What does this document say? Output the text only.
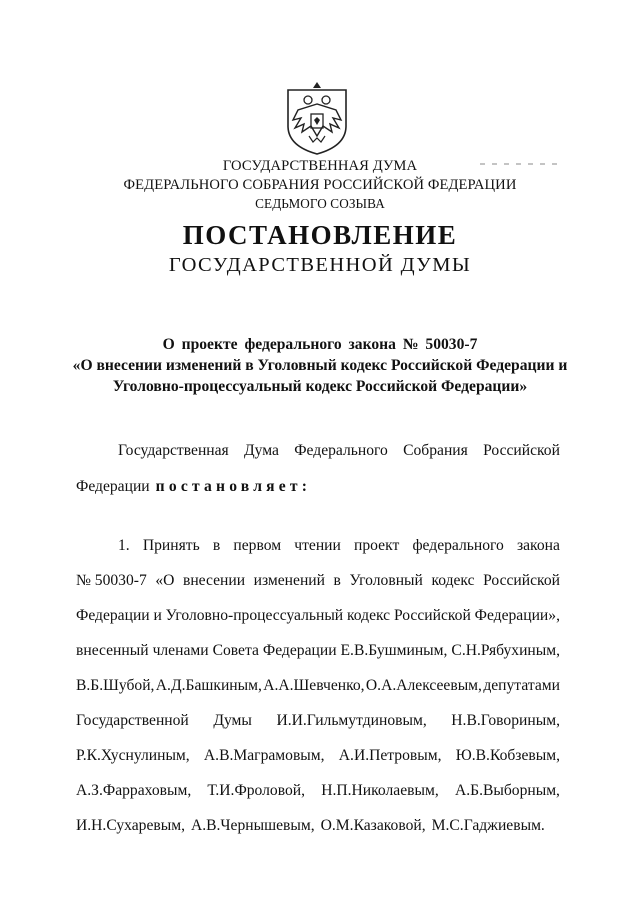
ГОСУДАРСТВЕННАЯ ДУМА
ФЕДЕРАЛЬНОГО СОБРАНИЯ РОССИЙСКОЙ ФЕДЕРАЦИИ
СЕДЬМОГО СОЗЫВА
ПОСТАНОВЛЕНИЕ
ГОСУДАРСТВЕННОЙ ДУМЫ
О проекте федерального закона № 50030-7
«О внесении изменений в Уголовный кодекс Российской Федерации и
Уголовно-процессуальный кодекс Российской Федерации»
Государственная Дума Федерального Собрания Российской
Федерации постановляет:
1. Принять в первом чтении проект федерального закона
№ 50030-7 «О внесении изменений в Уголовный кодекс Российской
Федерации и Уголовно-процессуальный кодекс Российской Федерации»,
внесенный членами Совета Федерации Е.В.Бушминым, С.Н.Рябухиным,
В.Б.Шубой, А.Д.Башкиным, А.А.Шевченко, О.А.Алексеевым, депутатами
Государственной Думы И.И.Гильмутдиновым, Н.В.Говориным,
Р.К.Хуснулиным, А.В.Маграмовым, А.И.Петровым, Ю.В.Кобзевым,
А.З.Фарраховым, Т.И.Фроловой, Н.П.Николаевым, А.Б.Выборным,
И.Н.Сухаревым, А.В.Чернышевым, О.М.Казаковой, М.С.Гаджиевым.
